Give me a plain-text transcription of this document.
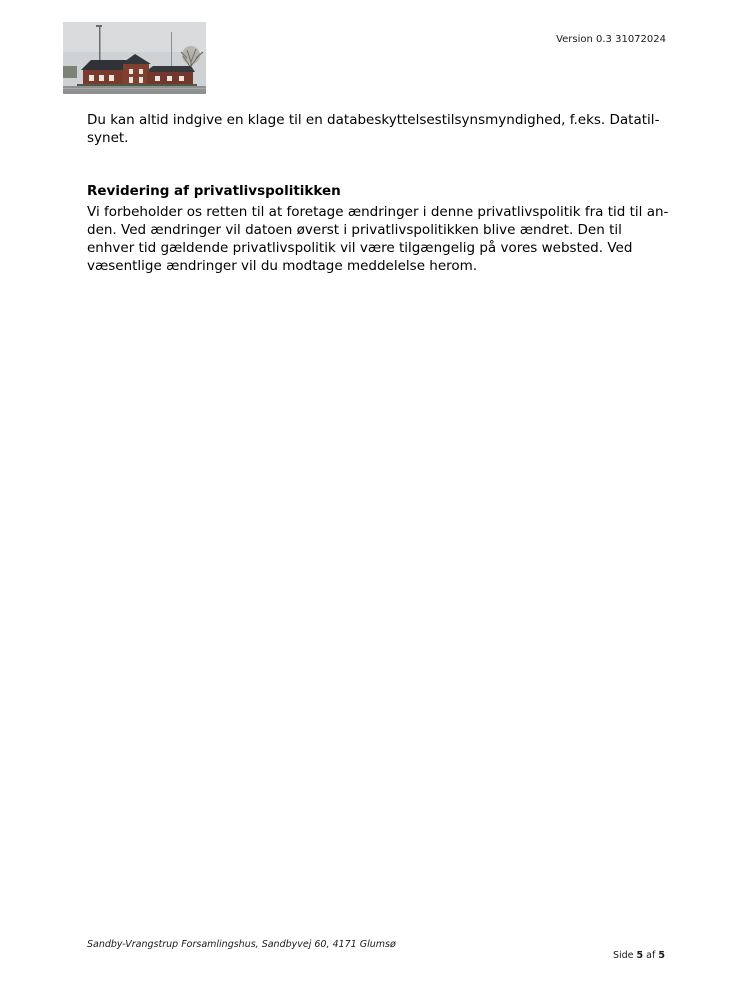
Version 0.3 31072024

Du kan altid indgive en klage til en databeskyttelsestilsynsmyndighed, f.eks. Datatilsynet.

Revidering af privatlivspolitikken

Vi forbeholder os retten til at foretage ændringer i denne privatlivspolitik fra tid til anden. Ved ændringer vil datoen øverst i privatlivspolitikken blive ændret. Den til enhver tid gældende privatlivspolitik vil være tilgængelig på vores websted. Ved væsentlige ændringer vil du modtage meddelelse herom.

Sandby-Vrangstrup Forsamlingshus, Sandbyvej 60, 4171 Glumsø
Side 5 af 5
